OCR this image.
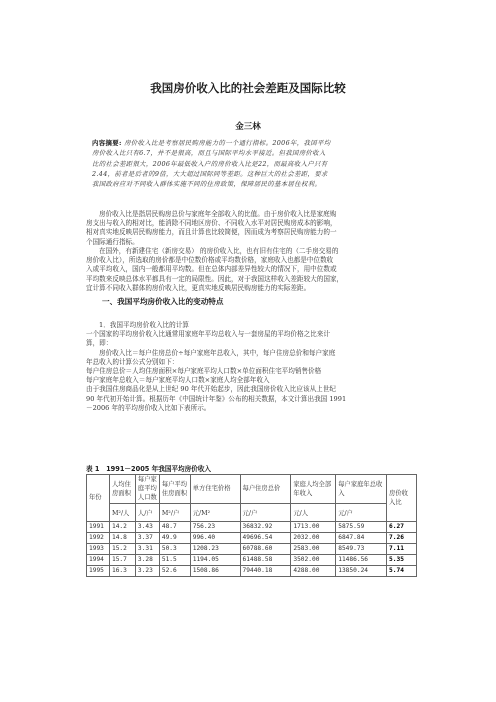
我国房价收入比的社会差距及国际比较
金三林
内容摘要: 房价收入比是考察居民购房能力的一个通行指标。2006年，我国平均
房价收入比只有6.7，并不是很高，而且与国际平均水平接近。但我国房价收入
比的社会差距很大，2006年最低收入户的房价收入比是22，而最高收入户只有
2.44，前者是后者的9倍，大大超过国际同等差距。这种巨大的社会差距，要求
我国政府应对不同收入群体实施不同的住房政策，保障居民的基本居住权利。
房价收入比是指居民购房总价与家庭年全部收入的比值。由于房价收入比是家庭购
房支出与收入的相对比，能消除不同地区房价、不同收入水平对居民购房成本的影响，
相对真实地反映居民购房能力，而且计算也比较简便，因而成为考察居民购房能力的一
个国际通行指标。
在国外，有新建住宅（新房交易） 的房价收入比，也有旧有住宅的（二手房交易的
房价收入比），所选取的房价都是中位数价格或平均数价格，家庭收入也都是中位数收
入或平均收入，国内一般都用平均数。但在总体内部差异性较大的情况下，用中位数或
平均数来反映总体水平都具有一定的局限性。因此，对于我国这样收入差距较大的国家，
宜计算不同收入群体的房价收入比，更真实地反映居民购房能力的实际差距。
一、我国平均房价收入比的变动特点
1．我国平均房价收入比的计算
一个国家的平均房价收入比通常用家庭年平均总收入与一套房屋的平均价格之比来计
算，即：
房价收入比＝每户住房总价÷每户家庭年总收入，其中，每户住房总价和每户家庭
年总收入的计算公式分别如下：
每户住房总价＝人均住房面积×每户家庭平均人口数×单位面积住宅平均销售价格
每户家庭年总收入＝每户家庭平均人口数×家庭人均全部年收入
由于我国住房商品化是从上世纪 90 年代开始起步，因此我国房价收入比应该从上世纪
90 年代初开始计算。根据历年《中国统计年鉴》公布的相关数据，本文计算出我国 1991
－2006 年的平均房价收入比如下表所示。
表 1　1991－2005 年我国平均房价收入
年份	人均住房面积	每户家庭平均人口数	每户平均住房面积	单方住宅价格	每户住房总价	家庭人均全部年收入	每户家庭年总收入	房价收入比
	M²/人	人/户	M²/户	元/M²	元/户	元/人	元/户	
1991	14.2	3.43	48.7	756.23	36832.92	1713.00	5875.59	6.27
1992	14.8	3.37	49.9	996.40	49696.54	2032.00	6847.84	7.26
1993	15.2	3.31	50.3	1208.23	60788.60	2583.00	8549.73	7.11
1994	15.7	3.28	51.5	1194.05	61488.58	3502.00	11486.56	5.35
1995	16.3	3.23	52.6	1508.86	79440.18	4288.00	13850.24	5.74
